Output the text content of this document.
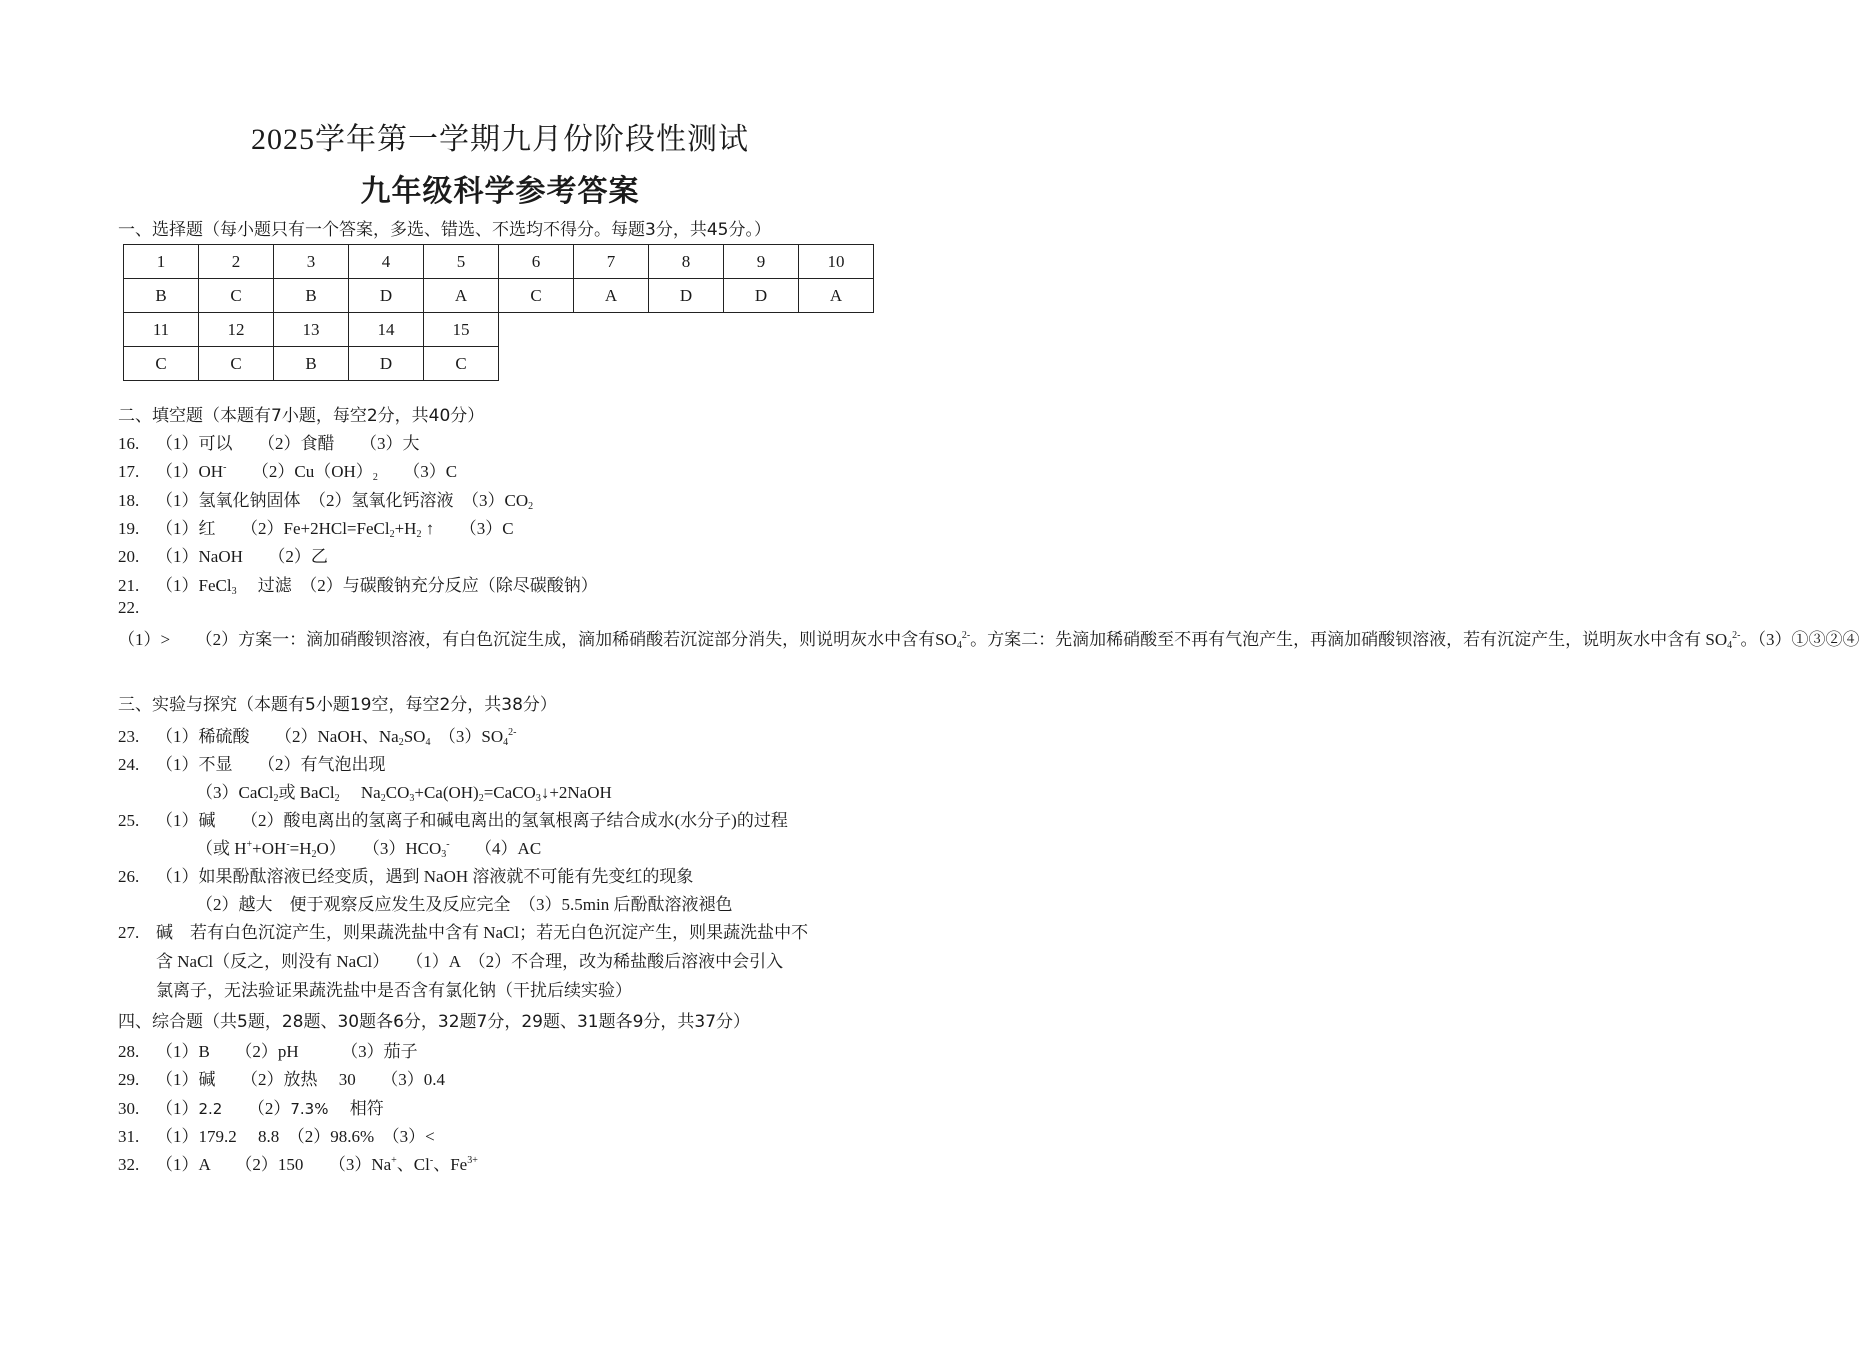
2025学年第一学期九月份阶段性测试
九年级科学参考答案
一、选择题（每小题只有一个答案，多选、错选、不选均不得分。每题3分，共45分。）
1	2	3	4	5	6	7	8	9	10
B	C	B	D	A	C	A	D	D	A
11	12	13	14	15					
C	C	B	D	C					
二、填空题（本题有7小题，每空2分，共40分）
16. （1）可以　　（2）食醋　　（3）大
17. （1）OH-　　$(2)Cu(OH)_2$　　（3）C
18. （1）氢氧化钠固体　（2）氢氧化钙溶液　$(3)CO_2$
19. （1）红　　$(2)Fe+2HCl=FeCl_2+H_2$ ↑　　（3）C
20. （1）NaOH　　（2）乙
21. （1）FeCl$_3$　 过滤　（2）与碳酸钠充分反应（除尽碳酸钠）
22. （1）>　　（2）方案一：滴加硝酸钡溶液，有白色沉淀生成，滴加稀硝酸若沉淀部分消失，则说明灰水中含有$SO_4^{2-}$。方案二：先滴加稀硝酸至不再有气泡产生，再滴加硝酸钡溶液，若有沉淀产生，说明灰水中含有 $SO_4^{2-}$。（3）①③②④
三、实验与探究（本题有5小题19空，每空2分，共38分）
23. （1）稀硫酸　　（2）NaOH、$Na_2SO_4$　$(3)SO_4^{2-}$
24. （1）不显　　（2）有气泡出现
（3）CaCl$_2$或 BaCl$_2$　 $Na_2CO_3+Ca(OH)_2=CaCO_3↓+2NaOH$
25. （1）碱　　（2）酸电离出的氢离子和碱电离出的氢氧根离子结合成水(水分子)的过程
（或 $H^++OH^-=H_2O$）　　$(3)HCO_3^-$　　（4）AC
26. （1）如果酚酞溶液已经变质，遇到 NaOH 溶液就不可能有先变红的现象
（2）越大　便于观察反应发生及反应完全　（3）5.5min 后酚酞溶液褪色
27. 碱　若有白色沉淀产生，则果蔬洗盐中含有 NaCl；若无白色沉淀产生，则果蔬洗盐中不
含 NaCl（反之，则没有 NaCl）　　（1）A　（2）不合理，改为稀盐酸后溶液中会引入
氯离子，无法验证果蔬洗盐中是否含有氯化钠（干扰后续实验）
四、综合题（共5题，28题、30题各6分，32题7分，29题、31题各9分，共37分）
28. （1）B　　（2）pH　　　（3）茄子
29. （1）碱　　（2）放热　 30　　（3）0.4
30. （1）2.2　　（2）7.3%　 相符
31. （1）179.2　 8.8　（2）98.6%　（3）<
32. （1）A　　（2）150　　（3）Na+、Cl-、$Fe^{3+}$
